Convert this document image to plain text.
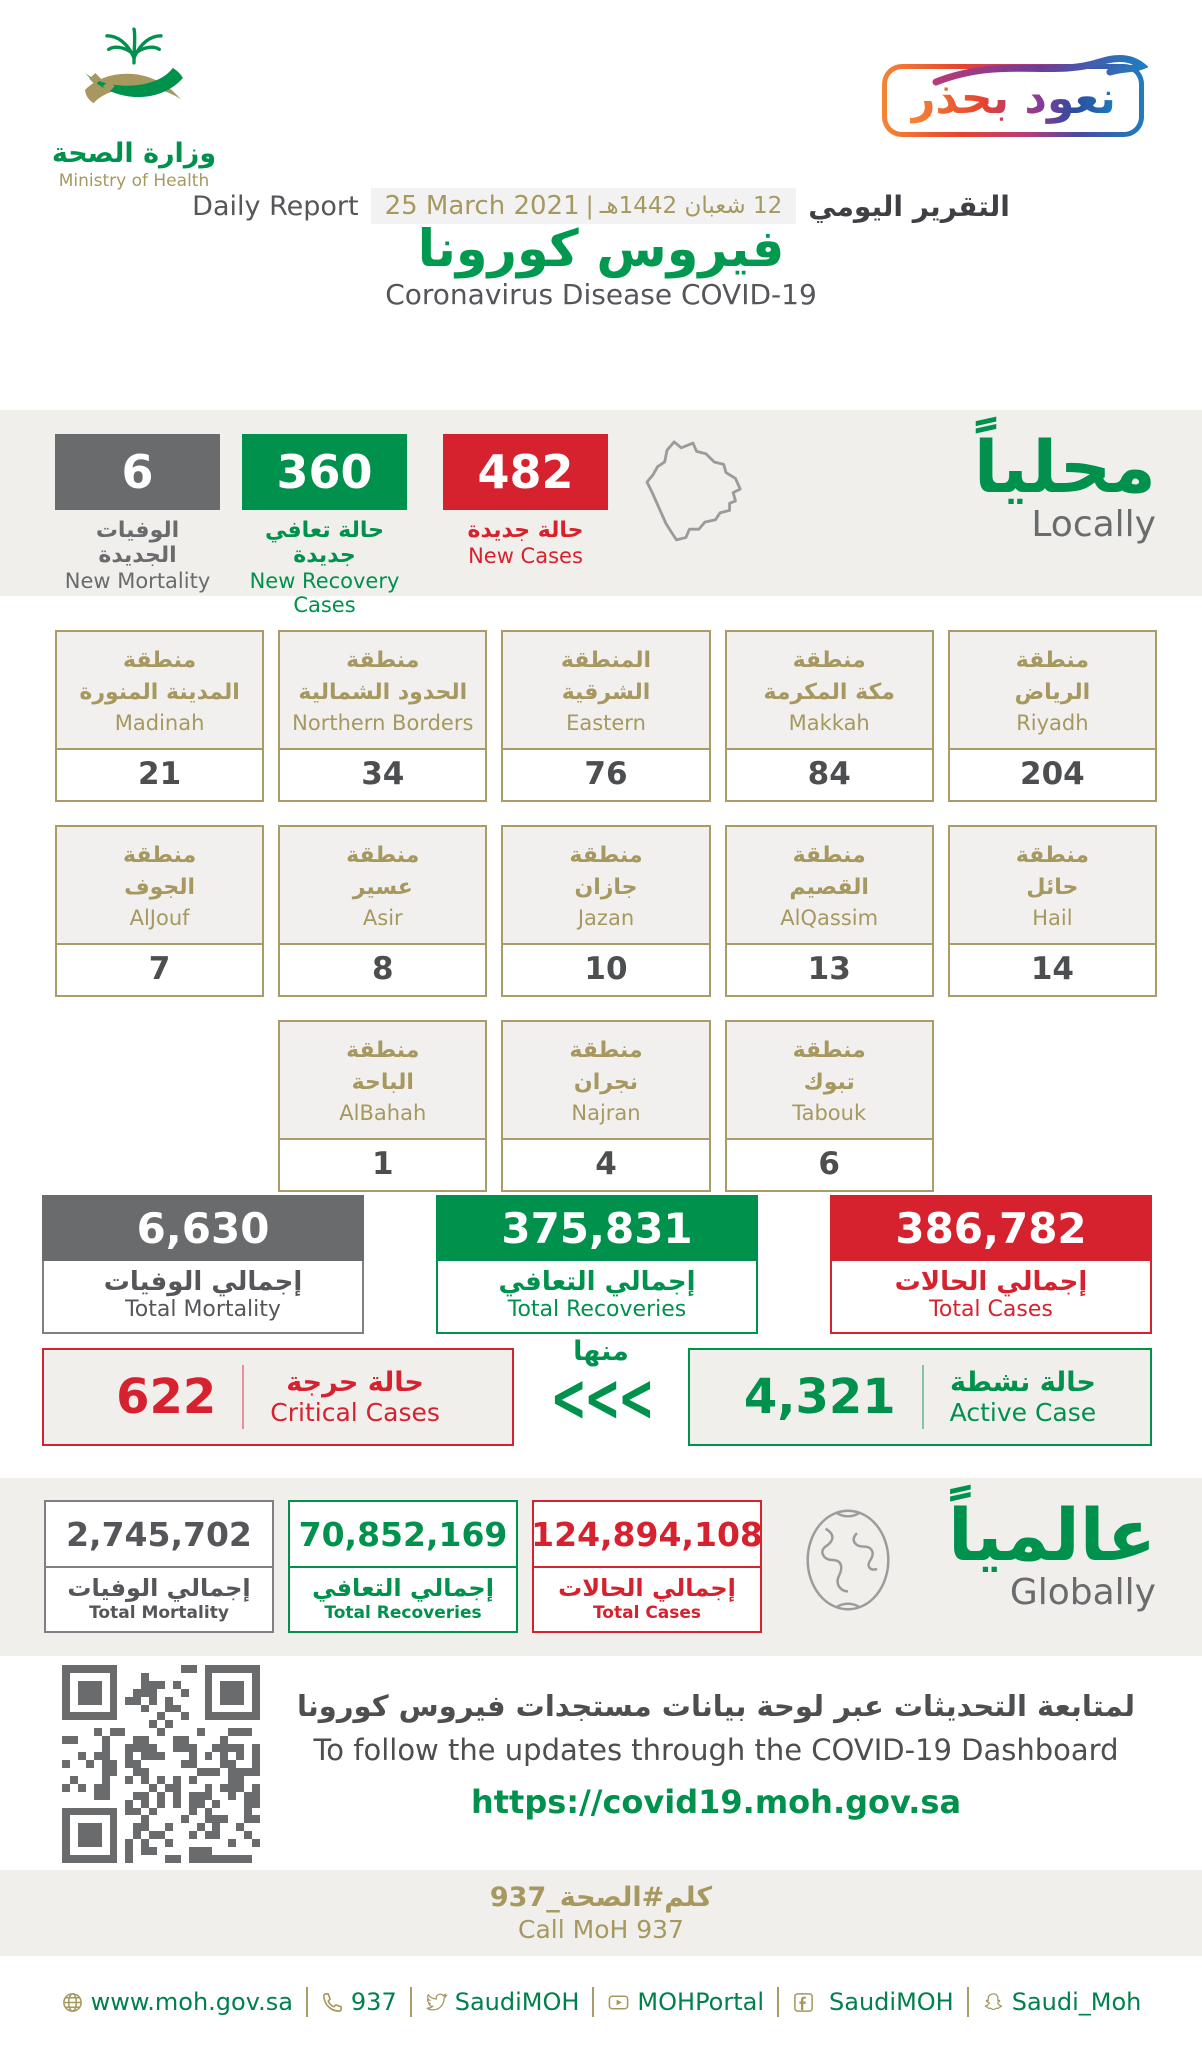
وزارة الصحة
Ministry of Health
نعود بحذر
Daily Report 25 March 2021 | 12 شعبان 1442هـ التقرير اليومي
فيروس كورونا
Coronavirus Disease COVID-19
6
الوفيات الجديدة
New Mortality
360
حالة تعافي جديدة
New Recovery Cases
482
حالة جديدة
New Cases
محلياً
Locally
منطقة
المدينة المنورة
Madinah
21
منطقة
الحدود الشمالية
Northern Borders
34
المنطقة
الشرقية
Eastern
76
منطقة
مكة المكرمة
Makkah
84
منطقة
الرياض
Riyadh
204
منطقة
الجوف
AlJouf
7
منطقة
عسير
Asir
8
منطقة
جازان
Jazan
10
منطقة
القصيم
AlQassim
13
منطقة
حائل
Hail
14
منطقة
الباحة
AlBahah
1
منطقة
نجران
Najran
4
منطقة
تبوك
Tabouk
6
6,630
إجمالي الوفيات
Total Mortality
375,831
إجمالي التعافي
Total Recoveries
386,782
إجمالي الحالات
Total Cases
622	حالة حرجة
Critical Cases
منها
<<<	4,321 حالة نشطة
Active Case
2,745,702
إجمالي الوفيات
Total Mortality
70,852,169
إجمالي التعافي
Total Recoveries
124,894,108
إجمالي الحالات
Total Cases
عالمياً
Globally
لمتابعة التحديثات عبر لوحة بيانات مستجدات فيروس كورونا
To follow the updates through the COVID-19 Dashboard
https://covid19.moh.gov.sa
كلم#الصحة_937
Call MoH 937
www.moh.gov.sa 937 SaudiMOH MOHPortal	SaudiMOH Saudi_Moh
